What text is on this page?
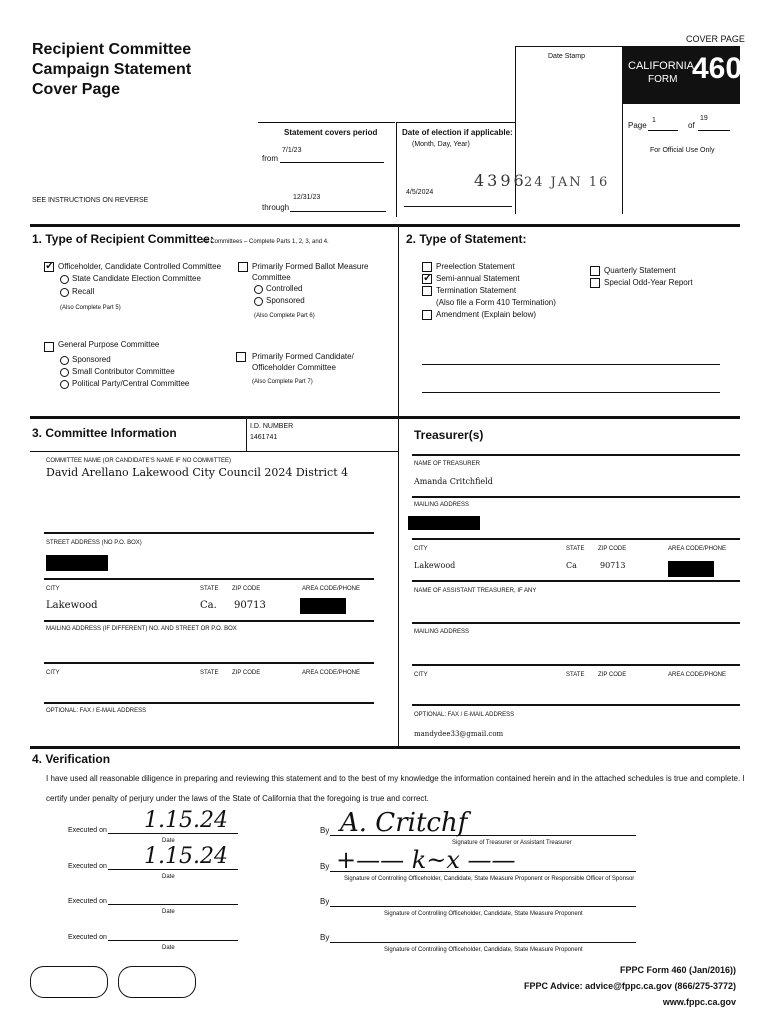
COVER PAGE
Recipient Committee
Campaign Statement
Cover Page
Date Stamp
CALIFORNIA
FORM 460
Page
1
of
19
For Official Use Only
Statement covers period
from
7/1/23
through
12/31/23
SEE INSTRUCTIONS ON REVERSE
Date of election if applicable:
(Month, Day, Year)
4/5/2024
4396
24 JAN 16
1. Type of Recipient Committee:
All Committees – Complete Parts 1, 2, 3, and 4.
✓
Officeholder, Candidate Controlled Committee
State Candidate Election Committee
Recall
(Also Complete Part 5)
General Purpose Committee
Sponsored
Small Contributor Committee
Political Party/Central Committee
Primarily Formed Ballot Measure
Committee
Controlled
Sponsored
(Also Complete Part 6)
Primarily Formed Candidate/
Officeholder Committee
(Also Complete Part 7)
2. Type of Statement:
Preelection Statement
✓
Semi-annual Statement
Termination Statement
(Also file a Form 410 Termination)
Amendment (Explain below)
Quarterly Statement
Special Odd-Year Report
3. Committee Information	I.D. NUMBER
1461741
COMMITTEE NAME (OR CANDIDATE'S NAME IF NO COMMITTEE)
David Arellano Lakewood City Council 2024 District 4
STREET ADDRESS (NO P.O. BOX)
CITY	STATE ZIP CODE	AREA CODE/PHONE
Lakewood	Ca. 90713
MAILING ADDRESS (IF DIFFERENT) NO. AND STREET OR P.O. BOX
CITY	STATE ZIP CODE	AREA CODE/PHONE
OPTIONAL: FAX / E-MAIL ADDRESS
Treasurer(s)
NAME OF TREASURER
Amanda Critchfield
MAILING ADDRESS
CITY	STATE ZIP CODE	AREA CODE/PHONE
Lakewood	Ca	90713
NAME OF ASSISTANT TREASURER, IF ANY
MAILING ADDRESS
CITY	STATE ZIP CODE	AREA CODE/PHONE
OPTIONAL: FAX / E-MAIL ADDRESS
mandydee33@gmail.com
4. Verification
I have used all reasonable diligence in preparing and reviewing this statement and to the best of my knowledge the information contained herein and in the attached schedules is true and complete. I
certify under penalty of perjury under the laws of the State of California that the foregoing is true and correct.
Executed on 1.15.24
Date
By A. Critchf
Signature of Treasurer or Assistant Treasurer
Executed on 1.15.24
Date
By +—— k~x ——
Signature of Controlling Officeholder, Candidate, State Measure Proponent or Responsible Officer of Sponsor
Executed on
Date
By
Signature of Controlling Officeholder, Candidate, State Measure Proponent
Executed on
Date
By
Signature of Controlling Officeholder, Candidate, State Measure Proponent
FPPC Form 460 (Jan/2016))
FPPC Advice: advice@fppc.ca.gov (866/275-3772)
www.fppc.ca.gov
